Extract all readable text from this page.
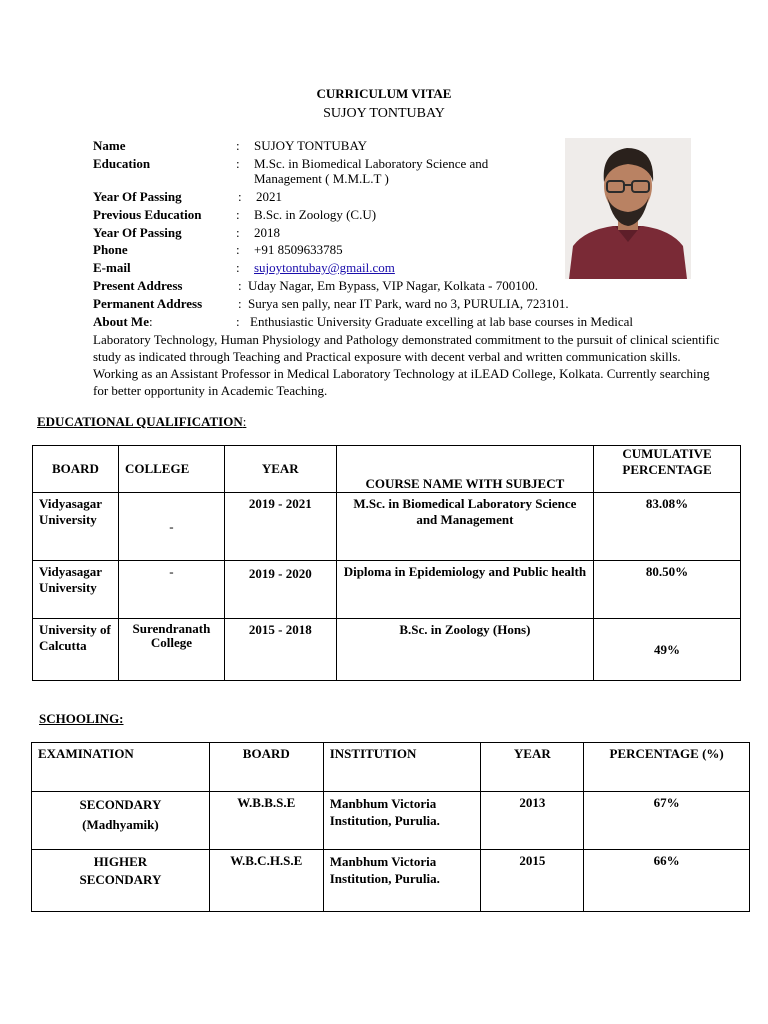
CURRICULUM VITAE
SUJOY TONTUBAY
Name	: SUJOY TONTUBAY
Education	: M.Sc. in Biomedical Laboratory Science and
Management ( M.M.L.T )
Year Of Passing	: 2021
Previous Education	: B.Sc. in Zoology (C.U)
Year Of Passing	: 2018
Phone	: +91 8509633785
E-mail	: sujoytontubay@gmail.com
Present Address	: Uday Nagar, Em Bypass, VIP Nagar, Kolkata - 700100.
Permanent Address	: Surya sen pally, near IT Park, ward no 3, PURULIA, 723101.
About Me:	: Enthusiastic University Graduate excelling at lab base courses in Medical
Laboratory Technology, Human Physiology and Pathology demonstrated commitment to the pursuit of clinical scientific study as indicated through Teaching and Practical exposure with decent verbal and written communication skills. Working as an Assistant Professor in Medical Laboratory Technology at iLEAD College, Kolkata. Currently searching for better opportunity in Academic Teaching.
EDUCATIONAL QUALIFICATION:
BOARD	COLLEGE	YEAR	COURSE NAME WITH SUBJECT	CUMULATIVE PERCENTAGE
Vidyasagar University	-	2019 - 2021	M.Sc. in Biomedical Laboratory Science and Management	83.08%
Vidyasagar University	-	2019 - 2020	Diploma in Epidemiology and Public health	80.50%
University of Calcutta	Surendranath College	2015 - 2018	B.Sc. in Zoology (Hons)	49%
SCHOOLING:
EXAMINATION	BOARD	INSTITUTION	YEAR	PERCENTAGE (%)
SECONDARY (Madhyamik)	W.B.B.S.E	Manbhum Victoria Institution, Purulia.	2013	67%
HIGHER SECONDARY	W.B.C.H.S.E	Manbhum Victoria Institution, Purulia.	2015	66%
